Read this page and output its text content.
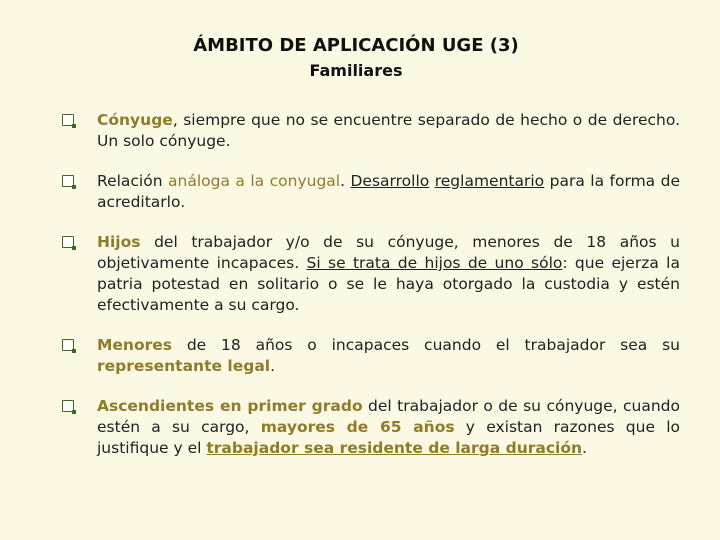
ÁMBITO DE APLICACIÓN UGE (3)
Familiares
Cónyuge, siempre que no se encuentre separado de hecho o de derecho. Un solo cónyuge.
Relación análoga a la conyugal. Desarrollo reglamentario para la forma de acreditarlo.
Hijos del trabajador y/o de su cónyuge, menores de 18 años u objetivamente incapaces. Si se trata de hijos de uno sólo: que ejerza la patria potestad en solitario o se le haya otorgado la custodia y estén efectivamente a su cargo.
Menores de 18 años o incapaces cuando el trabajador sea su representante legal.
Ascendientes en primer grado del trabajador o de su cónyuge, cuando estén a su cargo, mayores de 65 años y existan razones que lo justifique y el trabajador sea residente de larga duración.
